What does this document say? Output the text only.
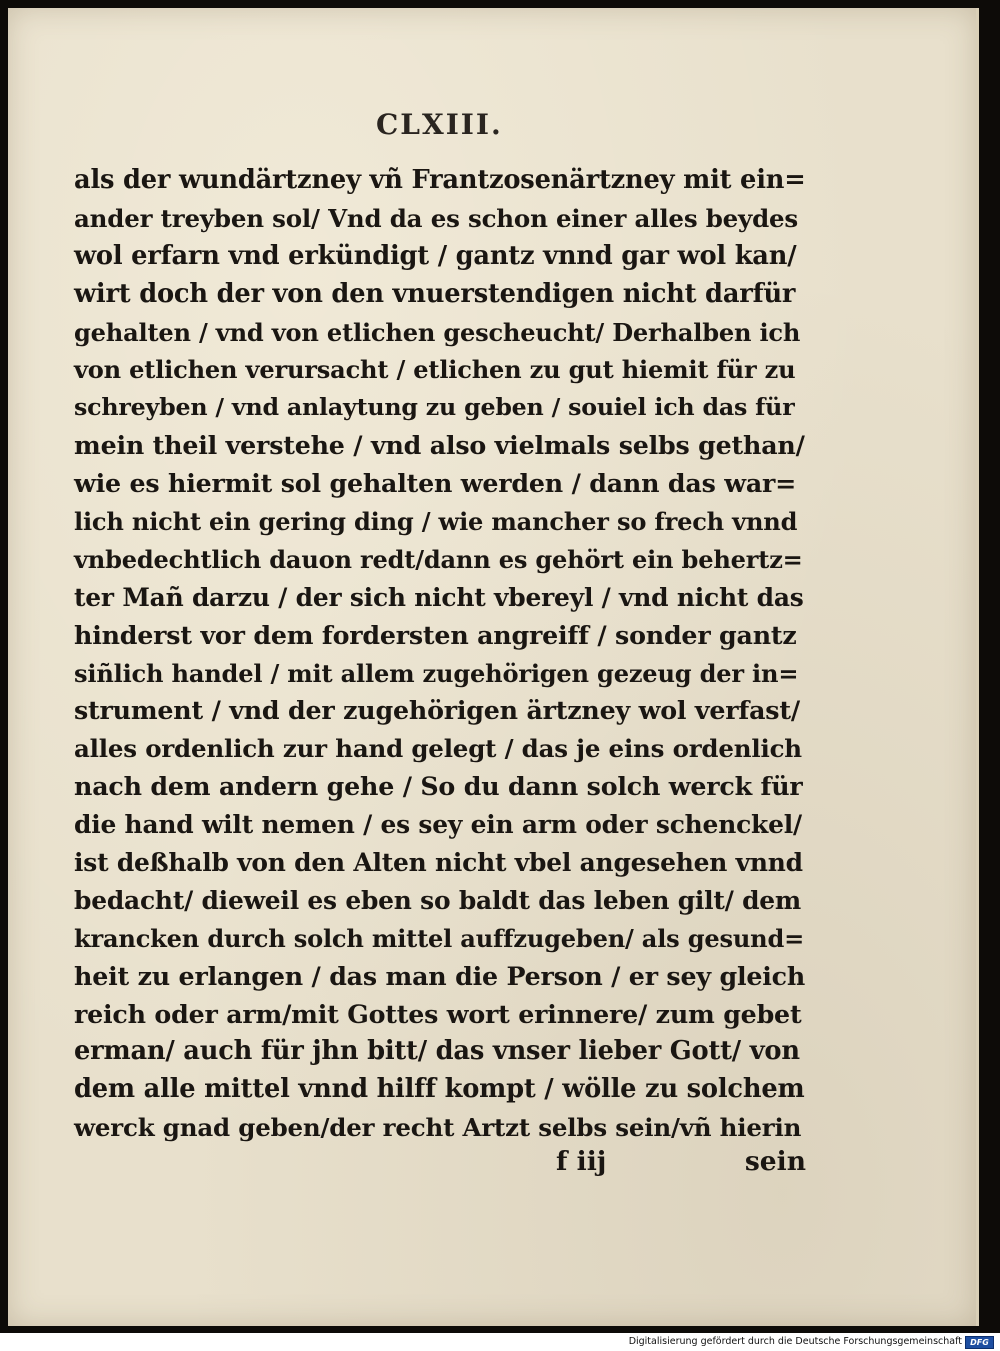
CLXIII.
als der wundärtzney vñ Frantzosenärtzney mit ein=
ander treyben sol/ Vnd da es schon einer alles beydes
wol erfarn vnd erkündigt / gantz vnnd gar wol kan/
wirt doch der von den vnuerstendigen nicht darfür
gehalten / vnd von etlichen gescheucht/ Derhalben ich
von etlichen verursacht / etlichen zu gut hiemit für zu
schreyben / vnd anlaytung zu geben / souiel ich das für
mein theil verstehe / vnd also vielmals selbs gethan/
wie es hiermit sol gehalten werden / dann das war=
lich nicht ein gering ding / wie mancher so frech vnnd
vnbedechtlich dauon redt/dann es gehört ein behertz=
ter Mañ darzu / der sich nicht vbereyl / vnd nicht das
hinderst vor dem fordersten angreiff / sonder gantz
siñlich handel / mit allem zugehörigen gezeug der in=
strument / vnd der zugehörigen ärtzney wol verfast/
alles ordenlich zur hand gelegt / das je eins ordenlich
nach dem andern gehe / So du dann solch werck für
die hand wilt nemen / es sey ein arm oder schenckel/
ist deßhalb von den Alten nicht vbel angesehen vnnd
bedacht/ dieweil es eben so baldt das leben gilt/ dem
krancken durch solch mittel auffzugeben/ als gesund=
heit zu erlangen / das man die Person / er sey gleich
reich oder arm/mit Gottes wort erinnere/ zum gebet
erman/ auch für jhn bitt/ das vnser lieber Gott/ von
dem alle mittel vnnd hilff kompt / wölle zu solchem
werck gnad geben/der recht Artzt selbs sein/vñ hierin
f iij	sein
Digitalisierung gefördert durch die Deutsche Forschungsgemeinschaft	DFG
